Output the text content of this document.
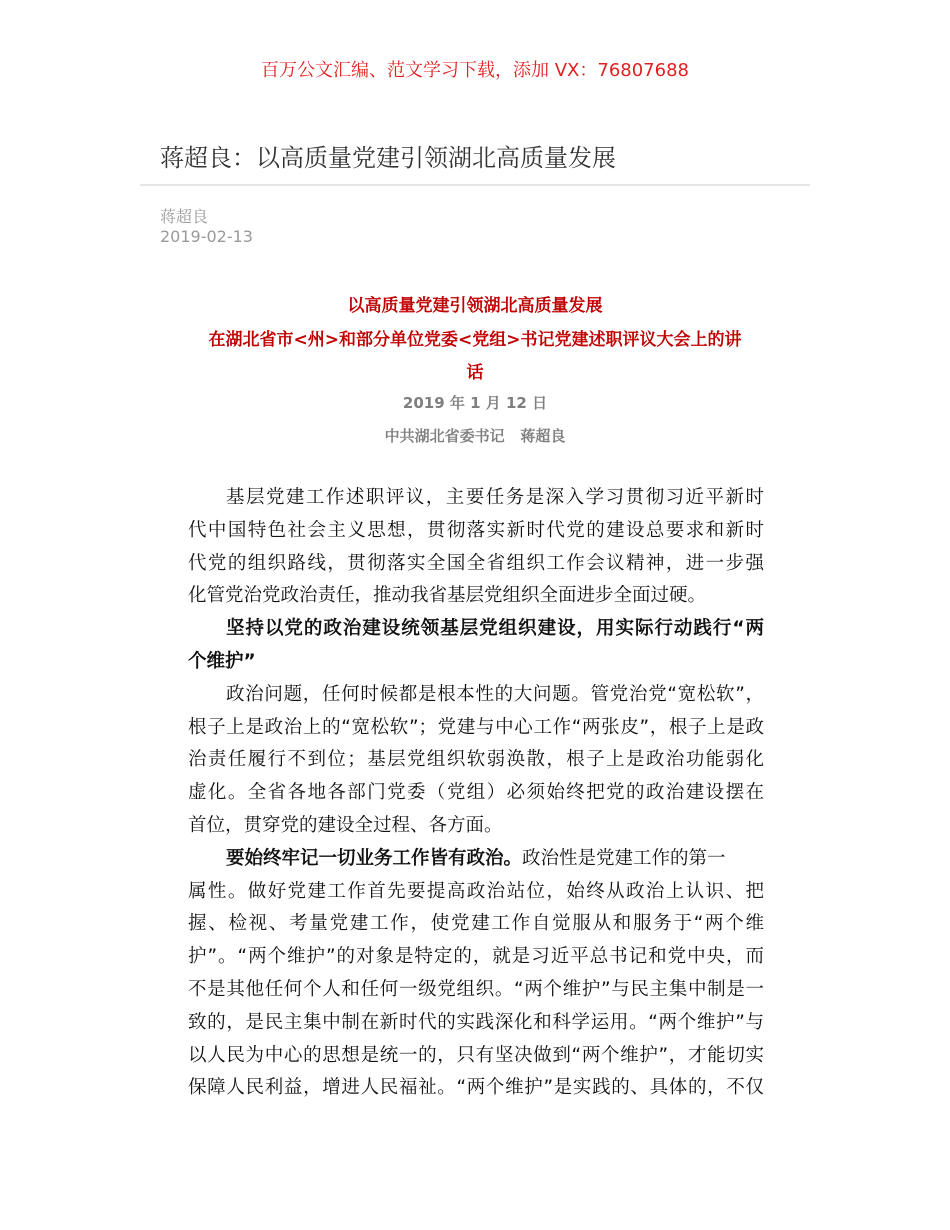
百万公文汇编、范文学习下载，添加 VX：76807688
蒋超良：以高质量党建引领湖北高质量发展
蒋超良
2019-02-13
以高质量党建引领湖北高质量发展
在湖北省市<州>和部分单位党委<党组>书记党建述职评议大会上的讲
话
2019 年 1 月 12 日
中共湖北省委书记   蒋超良
基层党建工作述职评议，主要任务是深入学习贯彻习近平新时
代中国特色社会主义思想，贯彻落实新时代党的建设总要求和新时
代党的组织路线，贯彻落实全国全省组织工作会议精神，进一步强
化管党治党政治责任，推动我省基层党组织全面进步全面过硬。
坚持以党的政治建设统领基层党组织建设，用实际行动践行“两
个维护”
政治问题，任何时候都是根本性的大问题。管党治党“宽松软”，
根子上是政治上的“宽松软”；党建与中心工作“两张皮”，根子上是政
治责任履行不到位；基层党组织软弱涣散，根子上是政治功能弱化
虚化。全省各地各部门党委（党组）必须始终把党的政治建设摆在
首位，贯穿党的建设全过程、各方面。
要始终牢记一切业务工作皆有政治。政治性是党建工作的第一
属性。做好党建工作首先要提高政治站位，始终从政治上认识、把
握、检视、考量党建工作，使党建工作自觉服从和服务于“两个维
护”。“两个维护”的对象是特定的，就是习近平总书记和党中央，而
不是其他任何个人和任何一级党组织。“两个维护”与民主集中制是一
致的，是民主集中制在新时代的实践深化和科学运用。“两个维护”与
以人民为中心的思想是统一的，只有坚决做到“两个维护”，才能切实
保障人民利益，增进人民福祉。“两个维护”是实践的、具体的，不仅
